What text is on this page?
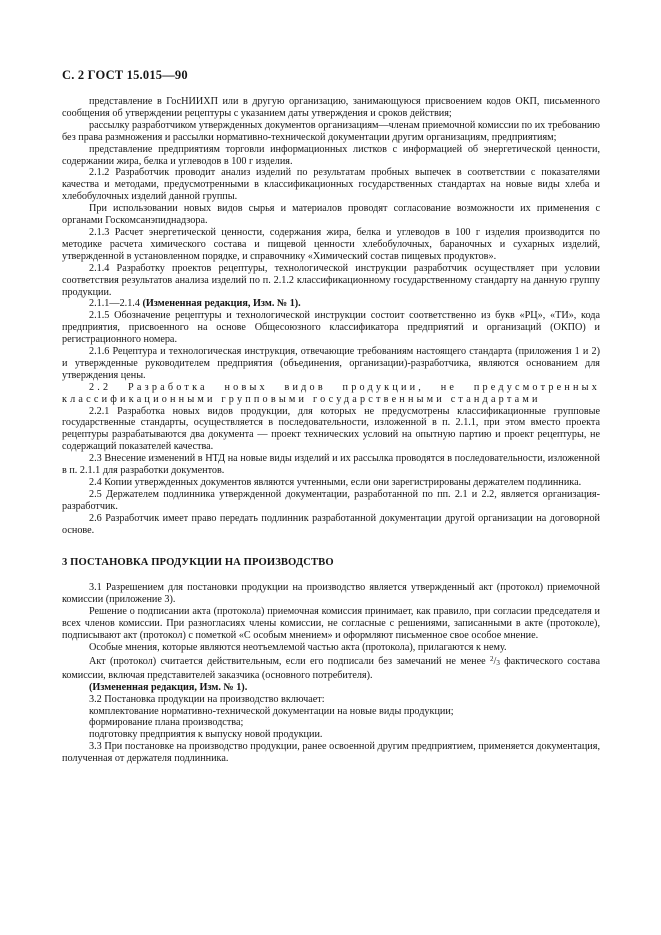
С. 2 ГОСТ 15.015—90

представление в ГосНИИХП или в другую организацию, занимающуюся присвоением кодов ОКП, письменного сообщения об утверждении рецептуры с указанием даты утверждения и сроков действия;

рассылку разработчиком утвержденных документов организациям—членам приемочной комиссии по их требованию без права размножения и рассылки нормативно-технической документации другим организациям, предприятиям;

представление предприятиям торговли информационных листков с информацией об энергетической ценности, содержании жира, белка и углеводов в 100 г изделия.

2.1.2 Разработчик проводит анализ изделий по результатам пробных выпечек в соответствии с показателями качества и методами, предусмотренными в классификационных государственных стандартах на новые виды хлеба и хлебобулочных изделий данной группы.

При использовании новых видов сырья и материалов проводят согласование возможности их применения с органами Госкомсанэпиднадзора.

2.1.3 Расчет энергетической ценности, содержания жира, белка и углеводов в 100 г изделия производится по методике расчета химического состава и пищевой ценности хлебобулочных, бараночных и сухарных изделий, утвержденной в установленном порядке, и справочнику «Химический состав пищевых продуктов».

2.1.4 Разработку проектов рецептуры, технологической инструкции разработчик осуществляет при условии соответствия результатов анализа изделий по п. 2.1.2 классификационному государственному стандарту на данную группу продукции.

2.1.1—2.1.4 (Измененная редакция, Изм. № 1).

2.1.5 Обозначение рецептуры и технологической инструкции состоит соответственно из букв «РЦ», «ТИ», кода предприятия, присвоенного на основе Общесоюзного классификатора предприятий и организаций (ОКПО) и регистрационного номера.

2.1.6 Рецептура и технологическая инструкция, отвечающие требованиям настоящего стандарта (приложения 1 и 2) и утвержденные руководителем предприятия (объединения, организации)-разработчика, являются основанием для утверждения цены.

2.2 Разработка новых видов продукции, не предусмотренных классификационными групповыми государственными стандартами

2.2.1 Разработка новых видов продукции, для которых не предусмотрены классификационные групповые государственные стандарты, осуществляется в последовательности, изложенной в п. 2.1.1, при этом вместо проекта рецептуры разрабатываются два документа — проект технических условий на опытную партию и проект рецептуры, не содержащий показателей качества.

2.3 Внесение изменений в НТД на новые виды изделий и их рассылка проводятся в последовательности, изложенной в п. 2.1.1 для разработки документов.

2.4 Копии утвержденных документов являются учтенными, если они зарегистрированы держателем подлинника.

2.5 Держателем подлинника утвержденной документации, разработанной по пп. 2.1 и 2.2, является организация-разработчик.

2.6 Разработчик имеет право передать подлинник разработанной документации другой организации на договорной основе.

3 ПОСТАНОВКА ПРОДУКЦИИ НА ПРОИЗВОДСТВО

3.1 Разрешением для постановки продукции на производство является утвержденный акт (протокол) приемочной комиссии (приложение 3).

Решение о подписании акта (протокола) приемочная комиссия принимает, как правило, при согласии председателя и всех членов комиссии. При разногласиях члены комиссии, не согласные с решениями, записанными в акте (протоколе), подписывают акт (протокол) с пометкой «С особым мнением» и оформляют письменное свое особое мнение.

Особые мнения, которые являются неотъемлемой частью акта (протокола), прилагаются к нему.

Акт (протокол) считается действительным, если его подписали без замечаний не менее $^2/_3$ фактического состава комиссии, включая представителей заказчика (основного потребителя).

(Измененная редакция, Изм. № 1).

3.2 Постановка продукции на производство включает:

комплектование нормативно-технической документации на новые виды продукции;

формирование плана производства;

подготовку предприятия к выпуску новой продукции.

3.3 При постановке на производство продукции, ранее освоенной другим предприятием, применяется документация, полученная от держателя подлинника.
